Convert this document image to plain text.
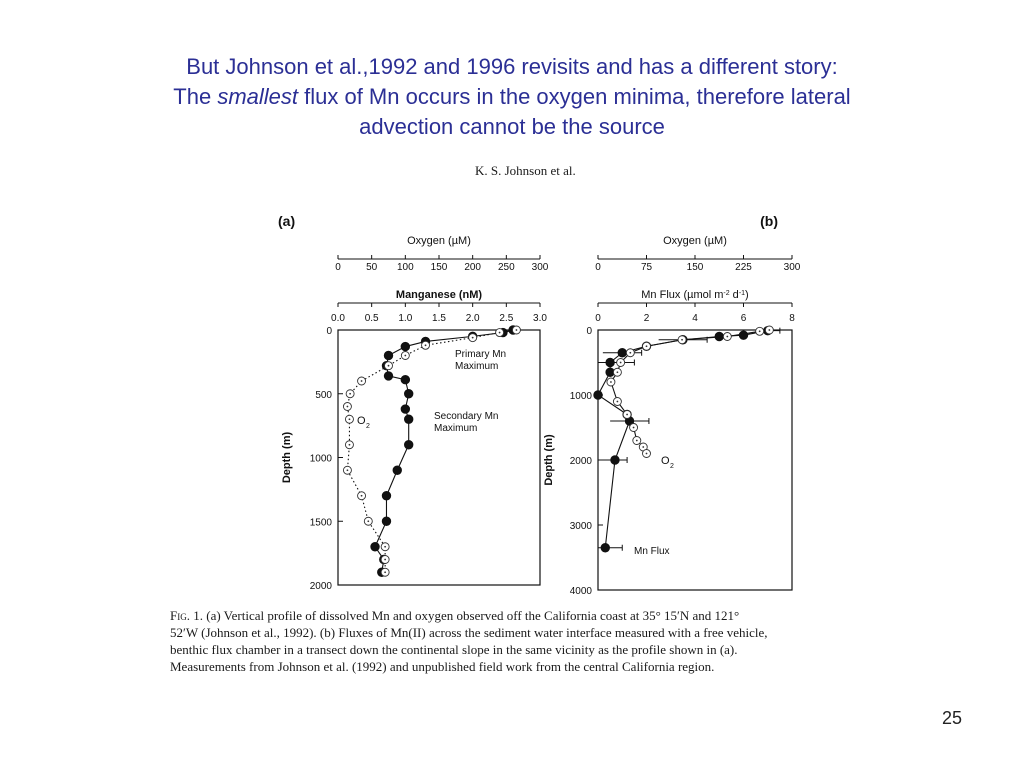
But Johnson et al.,1992 and 1996 revisits and has a different story:
The smallest flux of Mn occurs in the oxygen minima, therefore lateral
advection cannot be the source
K. S. Johnson et al.
(a)
Oxygen (µM)
0	50 100 150 200 250 300
Manganese (nM)
0.0 0.5 1.0 1.5 2.0 2.5 3.0
0
500
1000
1500
2000
Depth (m)
Primary Mn
Maximum
Secondary Mn
Maximum
O 2
(b)
Oxygen (µM)
0	75	150	225	300
Mn Flux (µmol $m^{-2}$ $d^{-1}$)
0	2	4	6	8
0
1000
2000
3000
4000
Depth (m)	O 2
Mn Flux
Fig. 1. (a) Vertical profile of dissolved Mn and oxygen observed off the California coast at 35° 15′N and 121°
52′W (Johnson et al., 1992). (b) Fluxes of Mn(II) across the sediment water interface measured with a free vehicle,
benthic flux chamber in a transect down the continental slope in the same vicinity as the profile shown in (a).
Measurements from Johnson et al. (1992) and unpublished field work from the central California region.
25
